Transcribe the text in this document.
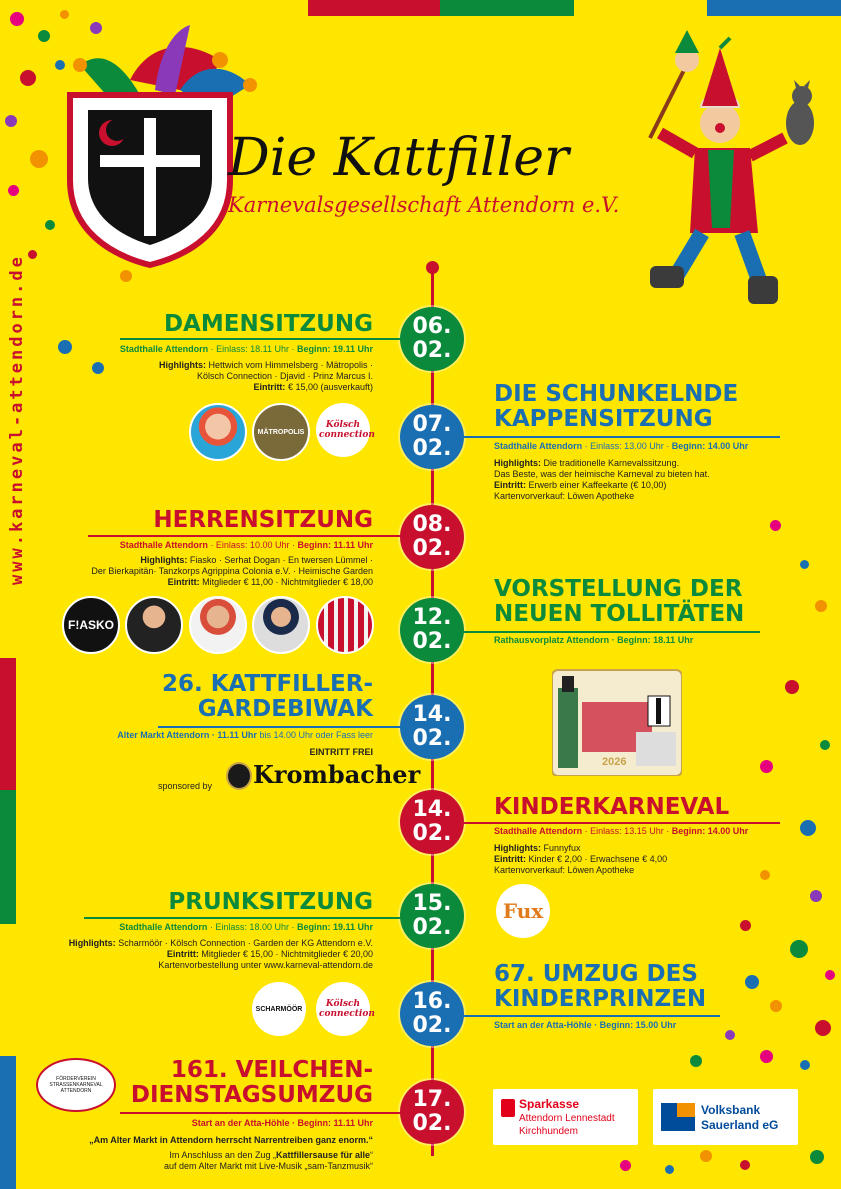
Die Kattfiller
Karnevalsgesellschaft Attendorn e.V.
www.karneval-attendorn.de	06.
02.
DAMENSITZUNG
Stadthalle Attendorn · Einlass: 18.11 Uhr · Beginn: 19.11 Uhr
Highlights: Hettwich vom Himmelsberg · Mätropolis ·
Kölsch Connection · Djavid · Prinz Marcus I.
Eintritt: € 15,00 (ausverkauft)
MÄTROPOLIS
Kölsch connection	07.
02.
DIE SCHUNKELNDE
KAPPENSITZUNG
Stadthalle Attendorn · Einlass: 13.00 Uhr · Beginn: 14.00 Uhr
Highlights: Die traditionelle Karnevalssitzung.
Das Beste, was der heimische Karneval zu bieten hat.
Eintritt: Erwerb einer Kaffeekarte (€ 10,00)
Kartenvorverkauf: Löwen Apotheke
08.
02.
HERRENSITZUNG
Stadthalle Attendorn · Einlass: 10.00 Uhr · Beginn: 11.11 Uhr
Highlights: Fiasko · Serhat Dogan · En twersen Lümmel ·
Der Bierkapitän· Tanzkorps Agrippina Colonia e.V. · Heimische Garden
Eintritt: Mitglieder € 11,00 · Nichtmitglieder € 18,00
F!ASKO	12.
02.
VORSTELLUNG DER
NEUEN TOLLITÄTEN
Rathausvorplatz Attendorn · Beginn: 18.11 Uhr
2026
14.
02.
26. KATTFILLER-
GARDEBIWAK
Alter Markt Attendorn · 11.11 Uhr bis 14.00 Uhr oder Fass leer
EINTRITT FREI
sponsored by Krombacher
14.
02.
KINDERKARNEVAL
Stadthalle Attendorn · Einlass: 13.15 Uhr · Beginn: 14.00 Uhr
Highlights: Funnyfux
Eintritt: Kinder € 2,00 · Erwachsene € 4,00
Kartenvorverkauf: Löwen Apotheke
Fux
15.
02.
PRUNKSITZUNG
Stadthalle Attendorn · Einlass: 18.00 Uhr · Beginn: 19.11 Uhr
Highlights: Scharmöör · Kölsch Connection · Garden der KG Attendorn e.V.
Eintritt: Mitglieder € 15,00 · Nichtmitglieder € 20,00
Kartenvorbestellung unter www.karneval-attendorn.de
SCHARMÖÖR	Kölsch connection	16.
02.
67. UMZUG DES
KINDERPRINZEN
Start an der Atta-Höhle · Beginn: 15.00 Uhr
17.
02.
FÖRDERVEREIN STRASSENKARNEVAL ATTENDORN
161. VEILCHEN-
DIENSTAGSUMZUG
Start an der Atta-Höhle · Beginn: 11.11 Uhr
„Am Alter Markt in Attendorn herrscht Narrentreiben ganz enorm.“
Im Anschluss an den Zug „Kattfillersause für alle“
auf dem Alter Markt mit Live-Musik „sam-Tanzmusik“
Sparkasse
Attendorn Lennestadt
Kirchhundem
Volksbank
Sauerland eG
